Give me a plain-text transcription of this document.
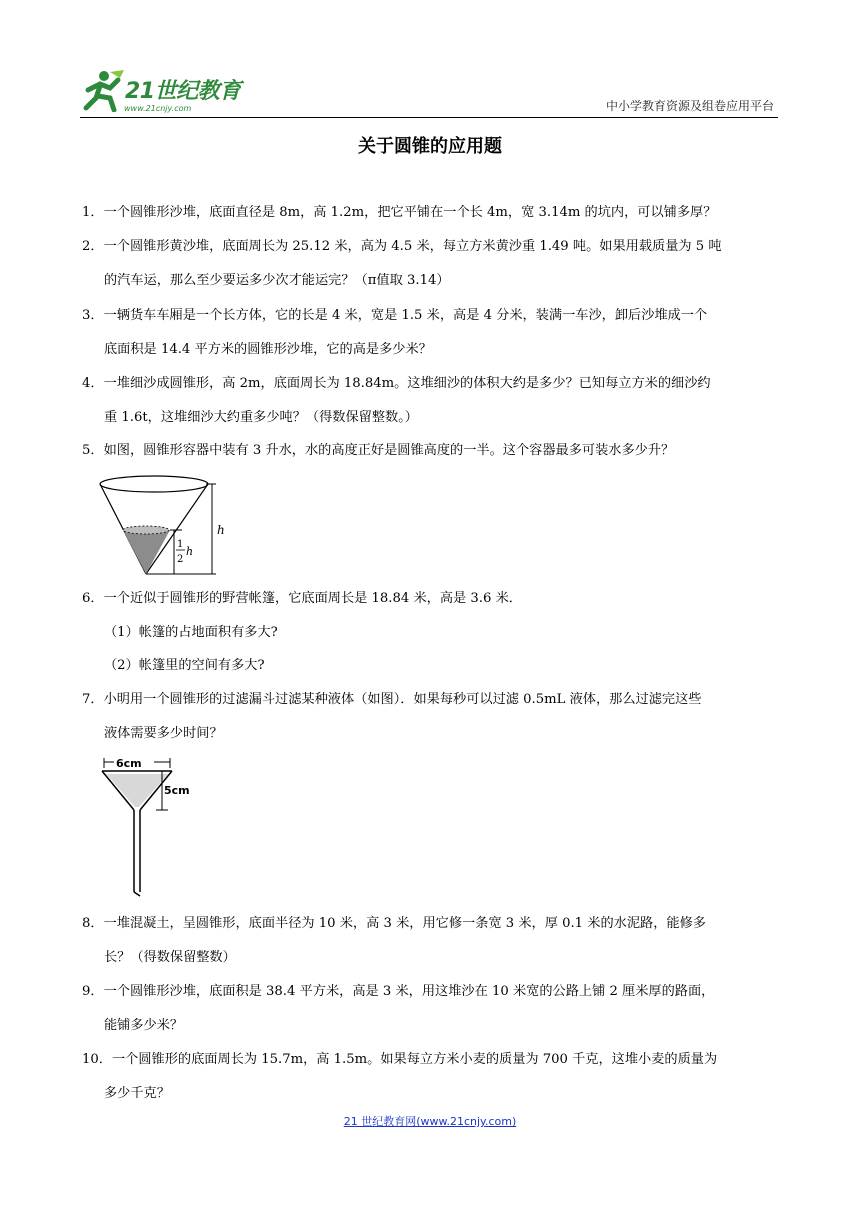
21世纪教育
www.21cnjy.com	中小学教育资源及组卷应用平台
关于圆锥的应用题
1．一个圆锥形沙堆，底面直径是 8m，高 1.2m，把它平铺在一个长 4m，宽 3.14m 的坑内，可以铺多厚？
2．一个圆锥形黄沙堆，底面周长为 25.12 米，高为 4.5 米，每立方米黄沙重 1.49 吨。如果用载质量为 5 吨
的汽车运，那么至少要运多少次才能运完？（π值取 3.14）
3．一辆货车车厢是一个长方体，它的长是 4 米，宽是 1.5 米，高是 4 分米，装满一车沙，卸后沙堆成一个
底面积是 14.4 平方米的圆锥形沙堆，它的高是多少米？
4．一堆细沙成圆锥形，高 2m，底面周长为 18.84m。这堆细沙的体积大约是多少？已知每立方米的细沙约
重 1.6t，这堆细沙大约重多少吨？（得数保留整数。）
5．如图，圆锥形容器中装有 3 升水，水的高度正好是圆锥高度的一半。这个容器最多可装水多少升？
h
1
2
h
6．一个近似于圆锥形的野营帐篷，它底面周长是 18.84 米，高是 3.6 米．
（1）帐篷的占地面积有多大?
（2）帐篷里的空间有多大?
7．小明用一个圆锥形的过滤漏斗过滤某种液体（如图）．如果每秒可以过滤 0.5mL 液体，那么过滤完这些
液体需要多少时间？
6cm
5cm
8．一堆混凝土，呈圆锥形，底面半径为 10 米，高 3 米，用它修一条宽 3 米，厚 0.1 米的水泥路，能修多
长？（得数保留整数）
9．一个圆锥形沙堆，底面积是 38.4 平方米，高是 3 米，用这堆沙在 10 米宽的公路上铺 2 厘米厚的路面，
能铺多少米？
10．一个圆锥形的底面周长为 15.7m，高 1.5m。如果每立方米小麦的质量为 700 千克，这堆小麦的质量为
多少千克？
21 世纪教育网(www.21cnjy.com)
